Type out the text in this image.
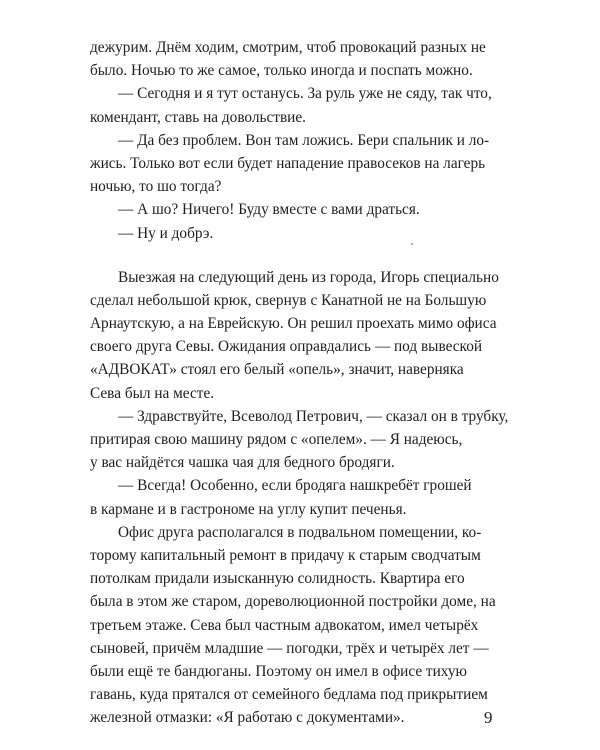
дежурим. Днём ходим, смотрим, чтоб провокаций разных не
было. Ночью то же самое, только иногда и поспать можно.
— Сегодня и я тут останусь. За руль уже не сяду, так что,
комендант, ставь на довольствие.
— Да без проблем. Вон там ложись. Бери спальник и ло-
жись. Только вот если будет нападение правосеков на лагерь
ночью, то шо тогда?
— А шо? Ничего! Буду вместе с вами драться.
— Ну и добрэ.
Выезжая на следующий день из города, Игорь специально
сделал небольшой крюк, свернув с Канатной не на Большую
Арнаутскую, а на Еврейскую. Он решил проехать мимо офиса
своего друга Севы. Ожидания оправдались — под вывеской
«АДВОКАТ» стоял его белый «опель», значит, наверняка
Сева был на месте.
— Здравствуйте, Всеволод Петрович, — сказал он в трубку,
притирая свою машину рядом с «опелем». — Я надеюсь,
у вас найдётся чашка чая для бедного бродяги.
— Всегда! Особенно, если бродяга нашкребёт грошей
в кармане и в гастрономе на углу купит печенья.
Офис друга располагался в подвальном помещении, ко-
торому капитальный ремонт в придачу к старым сводчатым
потолкам придали изысканную солидность. Квартира его
была в этом же старом, дореволюционной постройки доме, на
третьем этаже. Сева был частным адвокатом, имел четырёх
сыновей, причём младшие — погодки, трёх и четырёх лет —
были ещё те бандюганы. Поэтому он имел в офисе тихую
гавань, куда прятался от семейного бедлама под прикрытием
железной отмазки: «Я работаю с документами».	9
